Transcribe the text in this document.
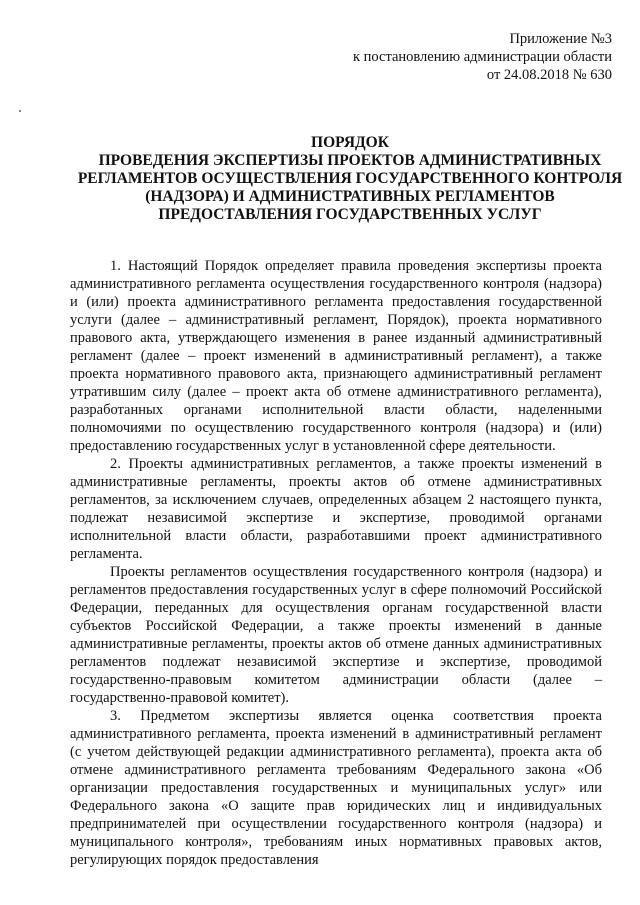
Приложение №3
к постановлению администрации области
от 24.08.2018 № 630
ПОРЯДОК
ПРОВЕДЕНИЯ ЭКСПЕРТИЗЫ ПРОЕКТОВ АДМИНИСТРАТИВНЫХ РЕГЛАМЕНТОВ ОСУЩЕСТВЛЕНИЯ ГОСУДАРСТВЕННОГО КОНТРОЛЯ (НАДЗОРА) И АДМИНИСТРАТИВНЫХ РЕГЛАМЕНТОВ ПРЕДОСТАВЛЕНИЯ ГОСУДАРСТВЕННЫХ УСЛУГ

1. Настоящий Порядок определяет правила проведения экспертизы проекта административного регламента осуществления государственного контроля (надзора) и (или) проекта административного регламента предоставления государственной услуги (далее – административный регламент, Порядок), проекта нормативного правового акта, утверждающего изменения в ранее изданный административный регламент (далее – проект изменений в административный регламент), а также проекта нормативного правового акта, признающего административный регламент утратившим силу (далее – проект акта об отмене административного регламента), разработанных органами исполнительной власти области, наделенными полномочиями по осуществлению государственного контроля (надзора) и (или) предоставлению государственных услуг в установленной сфере деятельности.

2. Проекты административных регламентов, а также проекты изменений в административные регламенты, проекты актов об отмене административных регламентов, за исключением случаев, определенных абзацем 2 настоящего пункта, подлежат независимой экспертизе и экспертизе, проводимой органами исполнительной власти области, разработавшими проект административного регламента.

Проекты регламентов осуществления государственного контроля (надзора) и регламентов предоставления государственных услуг в сфере полномочий Российской Федерации, переданных для осуществления органам государственной власти субъектов Российской Федерации, а также проекты изменений в данные административные регламенты, проекты актов об отмене данных административных регламентов подлежат независимой экспертизе и экспертизе, проводимой государственно-правовым комитетом администрации области (далее – государственно-правовой комитет).

3. Предметом экспертизы является оценка соответствия проекта административного регламента, проекта изменений в административный регламент (с учетом действующей редакции административного регламента), проекта акта об отмене административного регламента требованиям Федерального закона «Об организации предоставления государственных и муниципальных услуг» или Федерального закона «О защите прав юридических лиц и индивидуальных предпринимателей при осуществлении государственного контроля (надзора) и муниципального контроля», требованиям иных нормативных правовых актов, регулирующих порядок предоставления
